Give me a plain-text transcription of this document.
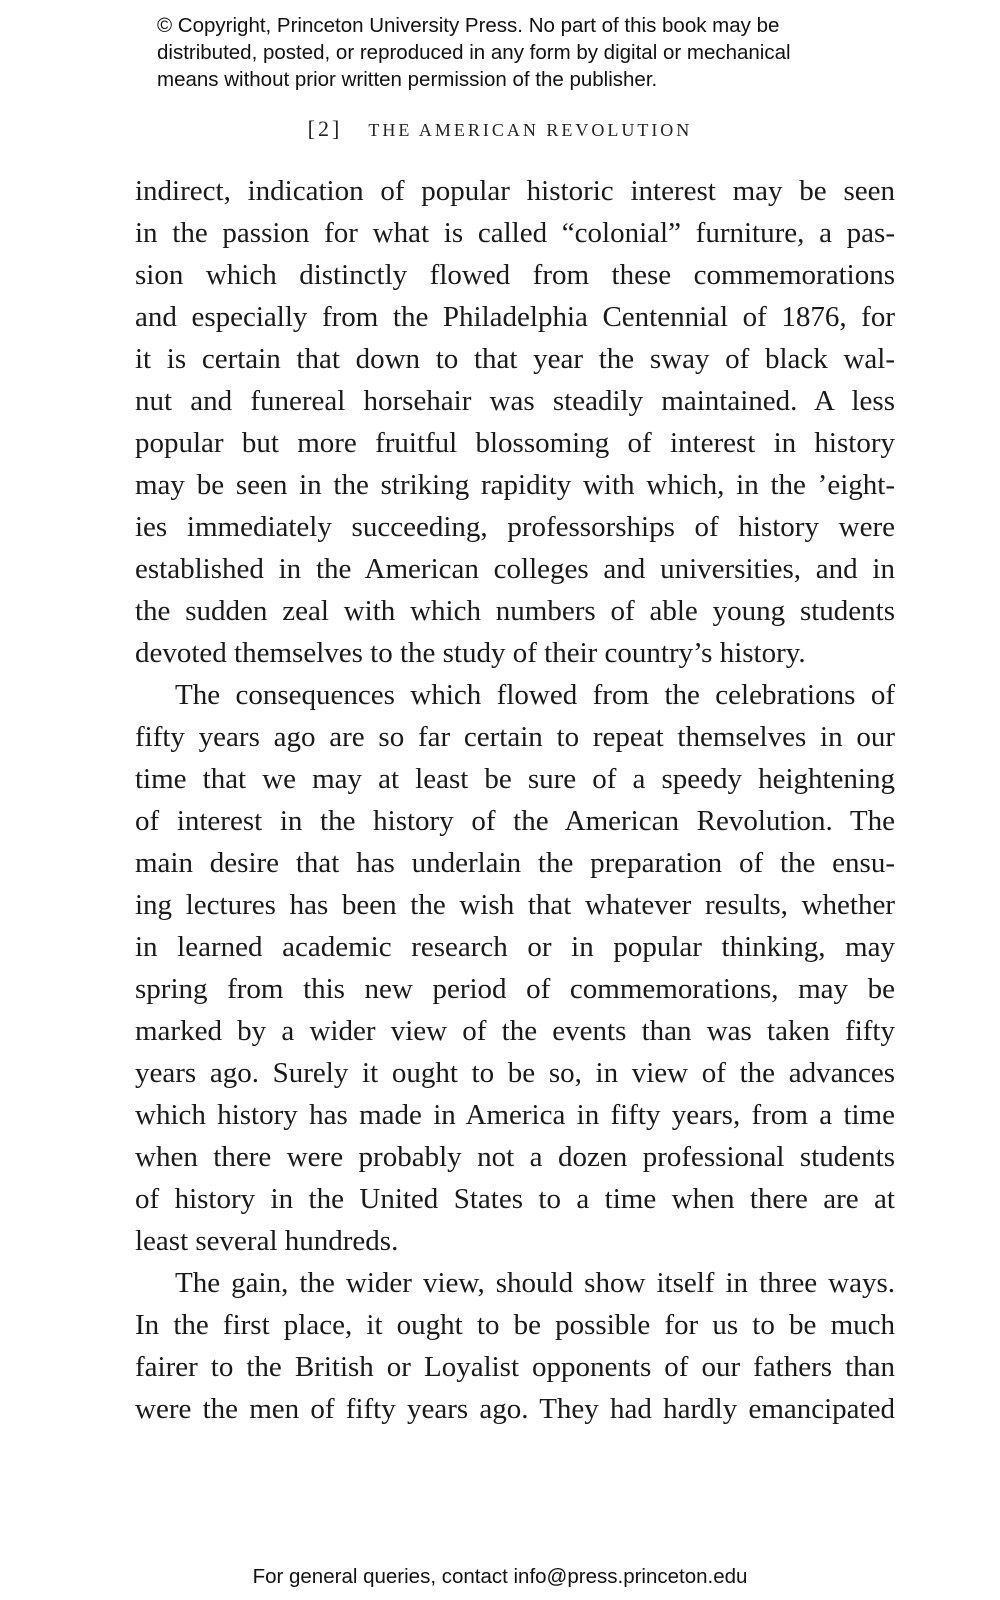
© Copyright, Princeton University Press. No part of this book may be
distributed, posted, or reproduced in any form by digital or mechanical
means without prior written permission of the publisher.
[2] THE AMERICAN REVOLUTION
indirect, indication of popular historic interest may be seen
in the passion for what is called “colonial” furniture, a pas-
sion which distinctly flowed from these commemorations
and especially from the Philadelphia Centennial of 1876, for
it is certain that down to that year the sway of black wal-
nut and funereal horsehair was steadily maintained. A less
popular but more fruitful blossoming of interest in history
may be seen in the striking rapidity with which, in the ’eight-
ies immediately succeeding, professorships of history were
established in the American colleges and universities, and in
the sudden zeal with which numbers of able young students
devoted themselves to the study of their country’s history.
The consequences which flowed from the celebrations of
fifty years ago are so far certain to repeat themselves in our
time that we may at least be sure of a speedy heightening
of interest in the history of the American Revolution. The
main desire that has underlain the preparation of the ensu-
ing lectures has been the wish that whatever results, whether
in learned academic research or in popular thinking, may
spring from this new period of commemorations, may be
marked by a wider view of the events than was taken fifty
years ago. Surely it ought to be so, in view of the advances
which history has made in America in fifty years, from a time
when there were probably not a dozen professional students
of history in the United States to a time when there are at
least several hundreds.
The gain, the wider view, should show itself in three ways.
In the first place, it ought to be possible for us to be much
fairer to the British or Loyalist opponents of our fathers than
were the men of fifty years ago. They had hardly emancipated
For general queries, contact info@press.princeton.edu
